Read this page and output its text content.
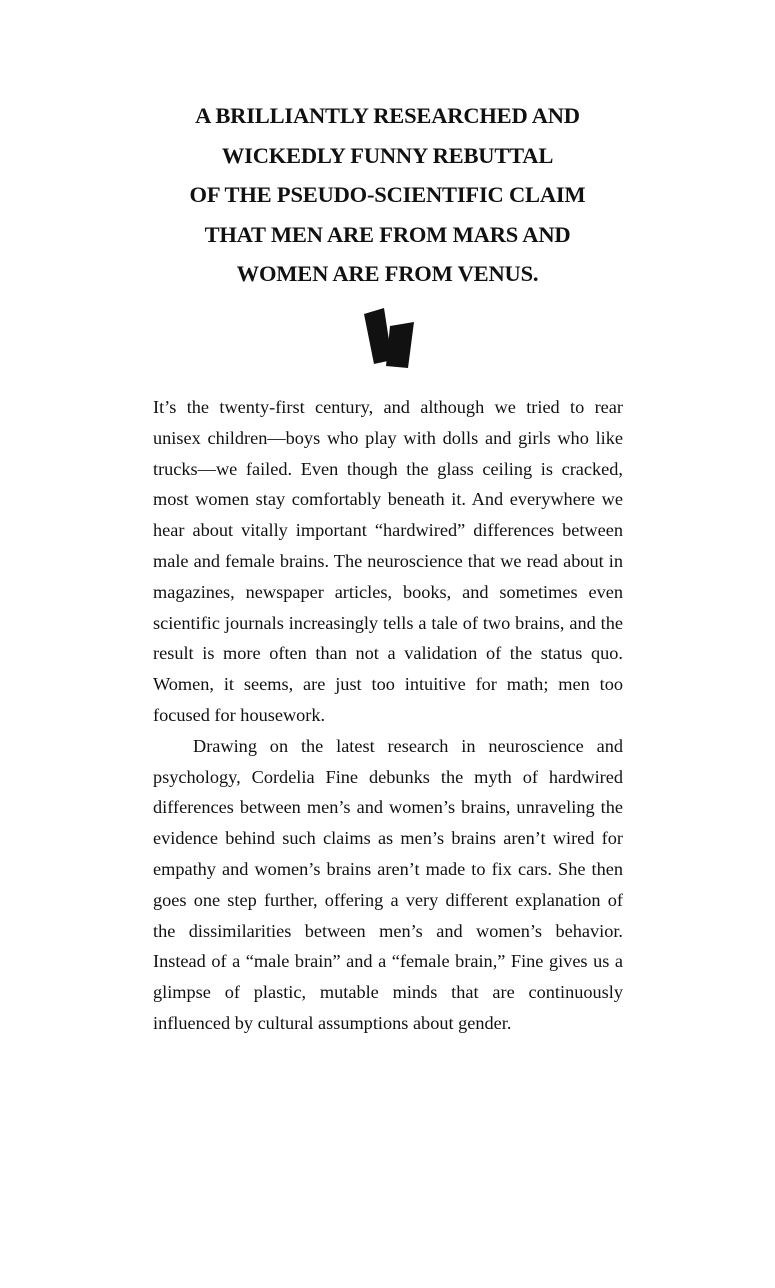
A BRILLIANTLY RESEARCHED AND
WICKEDLY FUNNY REBUTTAL
OF THE PSEUDO-SCIENTIFIC CLAIM
THAT MEN ARE FROM MARS AND
WOMEN ARE FROM VENUS.

It’s the twenty-first century, and although we tried to rear unisex children—boys who play with dolls and girls who like trucks—we failed. Even though the glass ceiling is cracked, most women stay comfortably beneath it. And everywhere we hear about vitally important “hardwired” differences between male and female brains. The neuroscience that we read about in magazines, newspaper articles, books, and sometimes even scientific journals increasingly tells a tale of two brains, and the result is more often than not a validation of the status quo. Women, it seems, are just too intuitive for math; men too focused for housework.

Drawing on the latest research in neuroscience and psychology, Cordelia Fine debunks the myth of hardwired differences between men’s and women’s brains, unraveling the evidence behind such claims as men’s brains aren’t wired for empathy and women’s brains aren’t made to fix cars. She then goes one step further, offering a very different explanation of the dissimilarities between men’s and women’s behavior. Instead of a “male brain” and a “female brain,” Fine gives us a glimpse of plastic, mutable minds that are continuously influenced by cultural assumptions about gender.
